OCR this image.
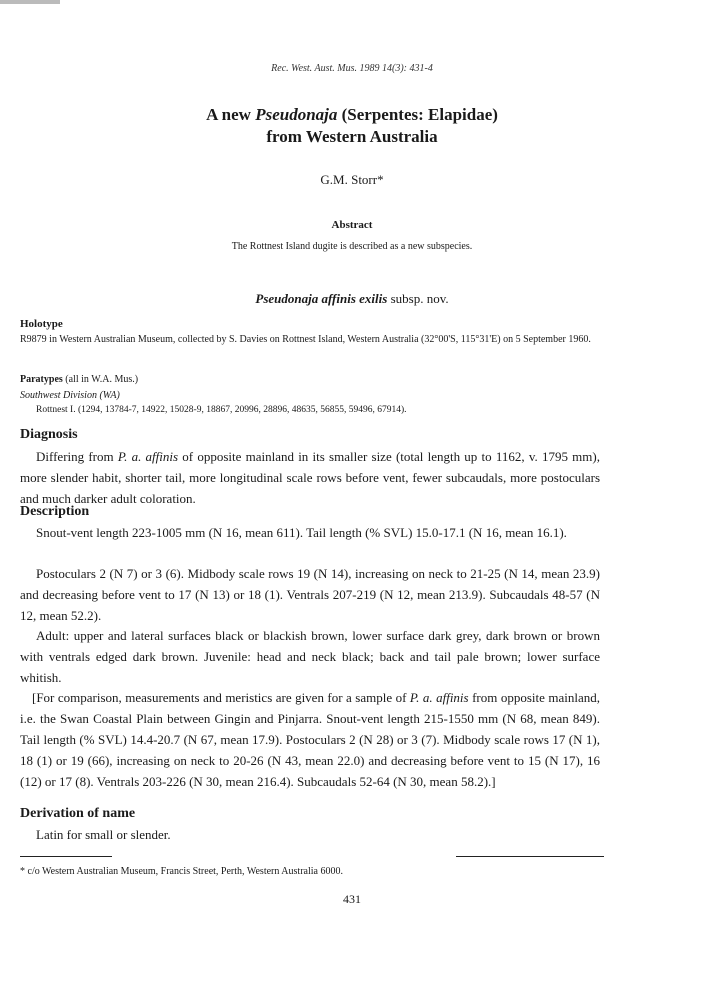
Rec. West. Aust. Mus. 1989 14(3): 431-4
A new Pseudonaja (Serpentes: Elapidae)
from Western Australia
G.M. Storr*
Abstract
The Rottnest Island dugite is described as a new subspecies.
Pseudonaja affinis exilis subsp. nov.
Holotype
R9879 in Western Australian Museum, collected by S. Davies on Rottnest Island, Western Australia (32°00'S, 115°31'E) on 5 September 1960.
Paratypes (all in W.A. Mus.)
Southwest Division (WA)
Rottnest I. (1294, 13784-7, 14922, 15028-9, 18867, 20996, 28896, 48635, 56855, 59496, 67914).
Diagnosis
Differing from P. a. affinis of opposite mainland in its smaller size (total length up to 1162, v. 1795 mm), more slender habit, shorter tail, more longitudinal scale rows before vent, fewer subcaudals, more postoculars and much darker adult coloration.
Description
Snout-vent length 223-1005 mm (N 16, mean 611). Tail length (% SVL) 15.0-17.1 (N 16, mean 16.1).
Postoculars 2 (N 7) or 3 (6). Midbody scale rows 19 (N 14), increasing on neck to 21-25 (N 14, mean 23.9) and decreasing before vent to 17 (N 13) or 18 (1). Ventrals 207-219 (N 12, mean 213.9). Subcaudals 48-57 (N 12, mean 52.2).
Adult: upper and lateral surfaces black or blackish brown, lower surface dark grey, dark brown or brown with ventrals edged dark brown. Juvenile: head and neck black; back and tail pale brown; lower surface whitish.
[For comparison, measurements and meristics are given for a sample of P. a. affinis from opposite mainland, i.e. the Swan Coastal Plain between Gingin and Pinjarra. Snout-vent length 215-1550 mm (N 68, mean 849). Tail length (% SVL) 14.4-20.7 (N 67, mean 17.9). Postoculars 2 (N 28) or 3 (7). Midbody scale rows 17 (N 1), 18 (1) or 19 (66), increasing on neck to 20-26 (N 43, mean 22.0) and decreasing before vent to 15 (N 17), 16 (12) or 17 (8). Ventrals 203-226 (N 30, mean 216.4). Subcaudals 52-64 (N 30, mean 58.2).]
Derivation of name
Latin for small or slender.
* c/o Western Australian Museum, Francis Street, Perth, Western Australia 6000.
431
